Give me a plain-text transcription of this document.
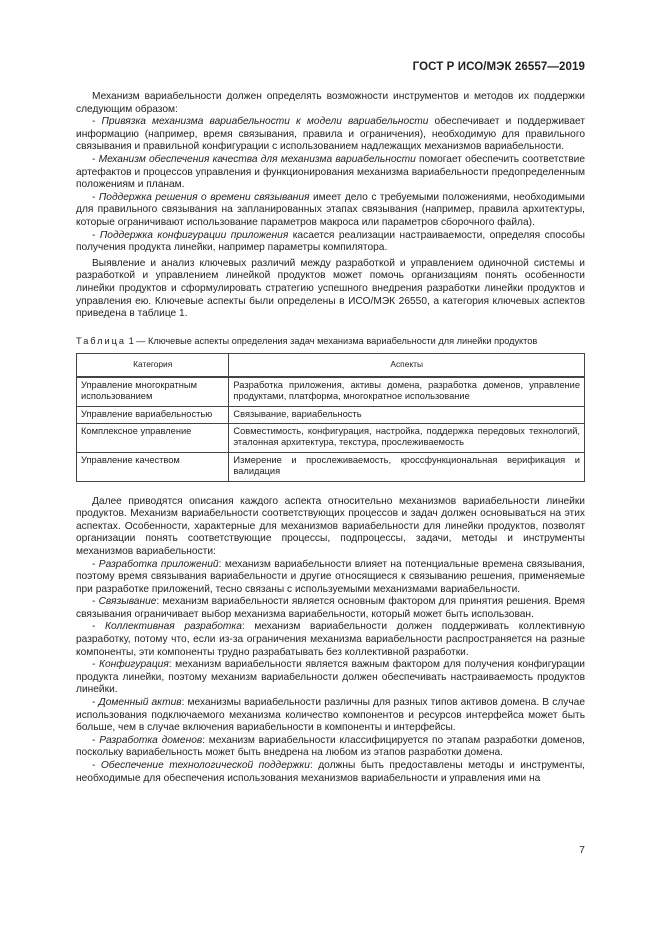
ГОСТ Р ИСО/МЭК 26557—2019

Механизм вариабельности должен определять возможности инструментов и методов их поддержки следующим образом:

- Привязка механизма вариабельности к модели вариабельности обеспечивает и поддерживает информацию (например, время связывания, правила и ограничения), необходимую для правильного связывания и правильной конфигурации с использованием надлежащих механизмов вариабельности.

- Механизм обеспечения качества для механизма вариабельности помогает обеспечить соответствие артефактов и процессов управления и функционирования механизма вариабельности предопределенным положениям и планам.

- Поддержка решения о времени связывания имеет дело с требуемыми положениями, необходимыми для правильного связывания на запланированных этапах связывания (например, правила архитектуры, которые ограничивают использование параметров макроса или параметров сборочного файла).

- Поддержка конфигурации приложения касается реализации настраиваемости, определяя способы получения продукта линейки, например параметры компилятора.

Выявление и анализ ключевых различий между разработкой и управлением одиночной системы и разработкой и управлением линейкой продуктов может помочь организациям понять особенности линейки продуктов и сформулировать стратегию успешного внедрения разработки линейки продуктов и управления ею. Ключевые аспекты были определены в ИСО/МЭК 26550, а категория ключевых аспектов приведена в таблице 1.

Таблица 1 — Ключевые аспекты определения задач механизма вариабельности для линейки продуктов
Категория	Аспекты
Управление многократным использованием	Разработка приложения, активы домена, разработка доменов, управление продуктами, платформа, многократное использование
Управление вариабельностью	Связывание, вариабельность
Комплексное управление	Совместимость, конфигурация, настройка, поддержка передовых технологий, эталонная архитектура, текстура, прослеживаемость
Управление качеством	Измерение и прослеживаемость, кроссфункциональная верификация и валидация

Далее приводятся описания каждого аспекта относительно механизмов вариабельности линейки продуктов. Механизм вариабельности соответствующих процессов и задач должен основываться на этих аспектах. Особенности, характерные для механизмов вариабельности для линейки продуктов, позволят организации понять соответствующие процессы, подпроцессы, задачи, методы и инструменты механизмов вариабельности:

- Разработка приложений: механизм вариабельности влияет на потенциальные времена связывания, поэтому время связывания вариабельности и другие относящиеся к связыванию решения, применяемые при разработке приложений, тесно связаны с используемыми механизмами вариабельности.

- Связывание: механизм вариабельности является основным фактором для принятия решения. Время связывания ограничивает выбор механизма вариабельности, который может быть использован.

- Коллективная разработка: механизм вариабельности должен поддерживать коллективную разработку, потому что, если из-за ограничения механизма вариабельности распространяется на разные компоненты, эти компоненты трудно разрабатывать без коллективной разработки.

- Конфигурация: механизм вариабельности является важным фактором для получения конфигурации продукта линейки, поэтому механизм вариабельности должен обеспечивать настраиваемость продуктов линейки.

- Доменный актив: механизмы вариабельности различны для разных типов активов домена. В случае использования подключаемого механизма количество компонентов и ресурсов интерфейса может быть больше, чем в случае включения вариабельности в компоненты и интерфейсы.

- Разработка доменов: механизм вариабельности классифицируется по этапам разработки доменов, поскольку вариабельность может быть внедрена на любом из этапов разработки домена.

- Обеспечение технологической поддержки: должны быть предоставлены методы и инструменты, необходимые для обеспечения использования механизмов вариабельности и управления ими на

7
